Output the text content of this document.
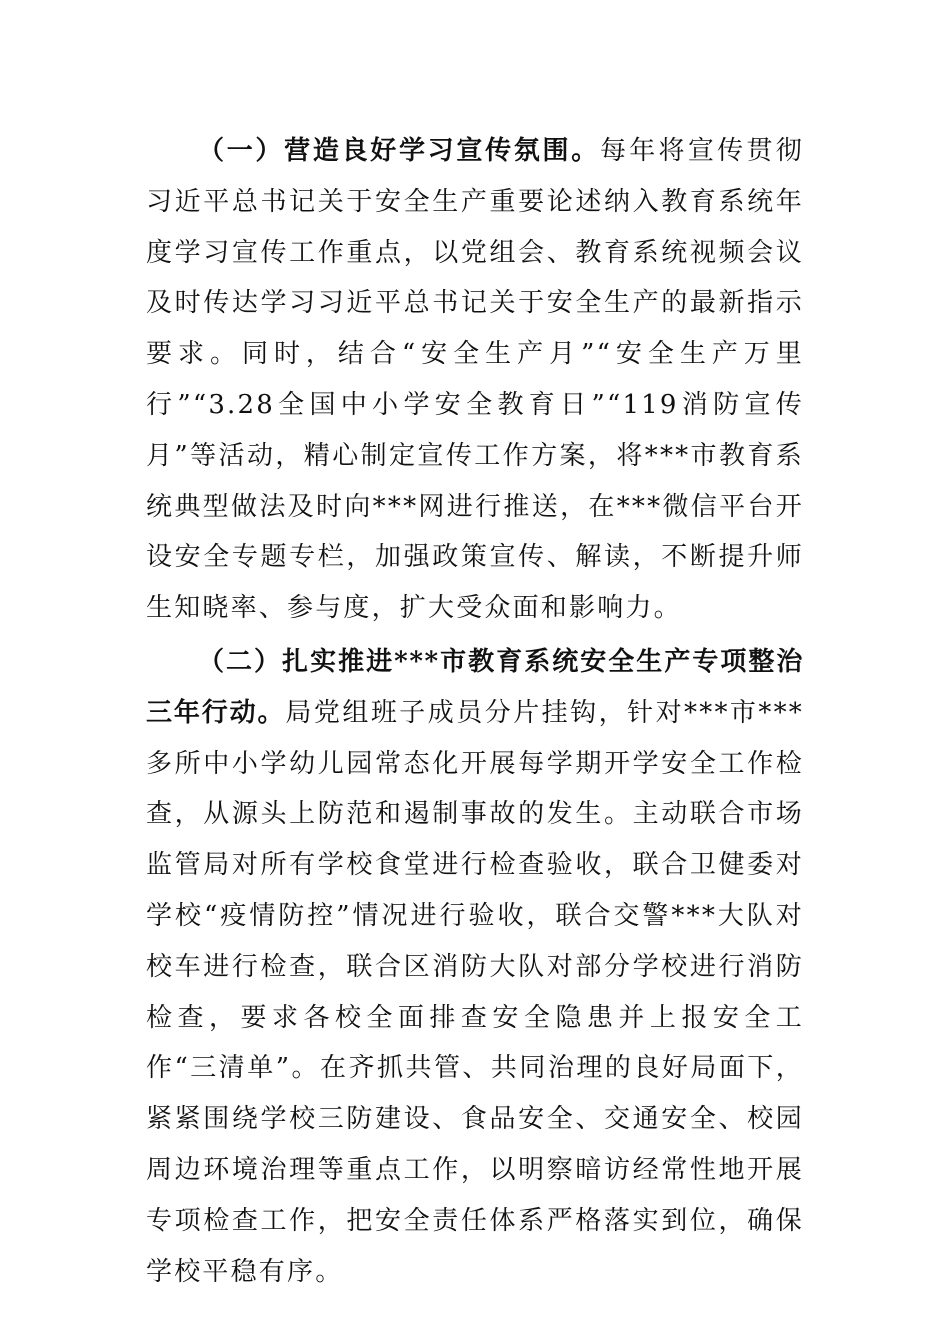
（一）营造良好学习宣传氛围。每年将宣传贯彻习近平总书记关于安全生产重要论述纳入教育系统年度学习宣传工作重点，以党组会、教育系统视频会议及时传达学习习近平总书记关于安全生产的最新指示要求。同时，结合“安全生产月”“安全生产万里行”“3.28全国中小学安全教育日”“119消防宣传月”等活动，精心制定宣传工作方案，将***市教育系统典型做法及时向***网进行推送，在***微信平台开设安全专题专栏，加强政策宣传、解读，不断提升师生知晓率、参与度，扩大受众面和影响力。

（二）扎实推进***市教育系统安全生产专项整治三年行动。局党组班子成员分片挂钩，针对***市***多所中小学幼儿园常态化开展每学期开学安全工作检查，从源头上防范和遏制事故的发生。主动联合市场监管局对所有学校食堂进行检查验收，联合卫健委对学校“疫情防控”情况进行验收，联合交警***大队对校车进行检查，联合区消防大队对部分学校进行消防检查，要求各校全面排查安全隐患并上报安全工作“三清单”。在齐抓共管、共同治理的良好局面下，紧紧围绕学校三防建设、食品安全、交通安全、校园周边环境治理等重点工作，以明察暗访经常性地开展专项检查工作，把安全责任体系严格落实到位，确保学校平稳有序。
